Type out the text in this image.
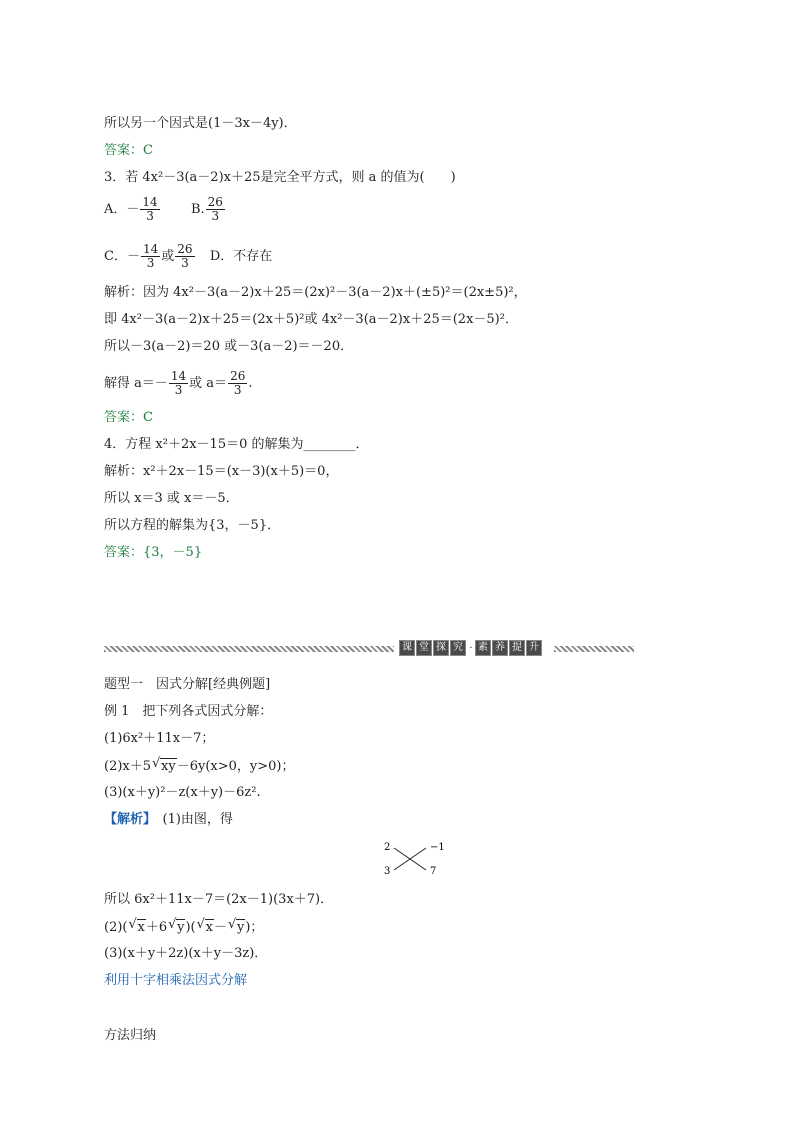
所以另一个因式是(1－3x－4y)．
答案：C
3．若 4x²－3(a－2)x＋25是完全平方式，则 a 的值为(　　)
A．－ $\frac{14}{3} B$. $\frac{26}{3}$
C．－ $\frac{14}{3}$ 或 $\frac{26}{3}$ D．不存在
解析：因为 4x²－3(a－2)x＋25＝(2x)²－3(a－2)x＋(±5)²＝(2x±5)²，
即 4x²－3(a－2)x＋25＝(2x＋5)²或 4x²－3(a－2)x＋25＝(2x－5)²．
所以－3(a－2)＝20 或－3(a－2)＝－20．
解得 $a=- \frac{14}{3}$ 或 $a= \frac{26}{3}$ .
答案：C
4．方程 x²＋2x－15＝0 的解集为________．
解析：x²＋2x－15＝(x－3)(x＋5)＝0，
所以 x＝3 或 x＝－5．
所以方程的解集为{3，－5}．
答案：{3，－5}
课 堂 探 究 · 素 养 提 升
题型一　因式分解[经典例题]
例 1　把下列各式因式分解：
(1)6x²＋11x－7；
(2)x＋5 √ xy－6y(x>0，y>0)；
(3)(x＋y)²－z(x＋y)－6z².
【解析】　(1)由图，得
2	−1
3	7
所以 6x²＋11x－7＝(2x－1)(3x＋7)．
(2)( √ x＋6 √ y)( √ x－ √ y)；
(3)(x＋y＋2z)(x＋y－3z)．
利用十字相乘法因式分解
方法归纳
